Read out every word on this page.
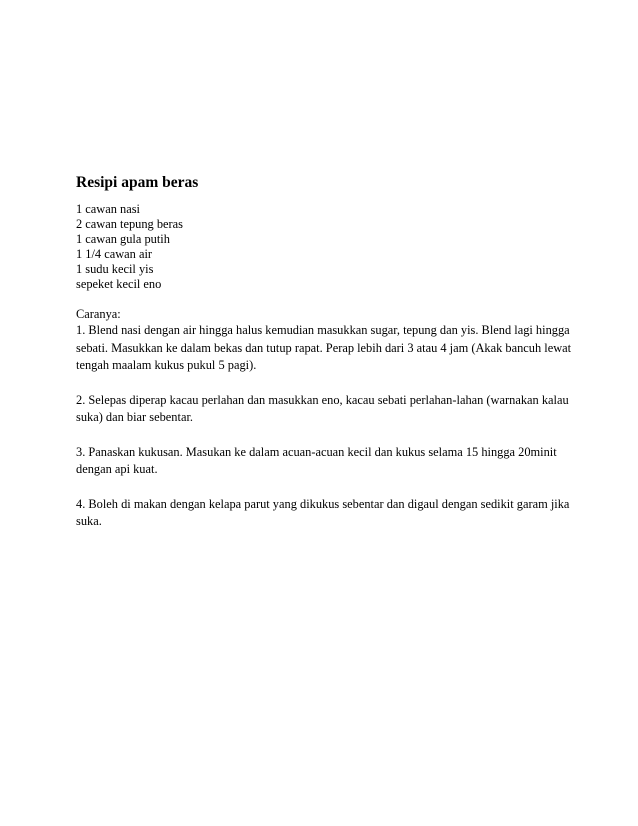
Resipi apam beras
1 cawan nasi
2 cawan tepung beras
1 cawan gula putih
1 1/4 cawan air
1 sudu kecil yis
sepeket kecil eno

Caranya:

1. Blend nasi dengan air hingga halus kemudian masukkan sugar, tepung dan yis. Blend lagi hingga sebati. Masukkan ke dalam bekas dan tutup rapat. Perap lebih dari 3 atau 4 jam (Akak bancuh lewat tengah maalam kukus pukul 5 pagi).

2. Selepas diperap kacau perlahan dan masukkan eno, kacau sebati perlahan-lahan (warnakan kalau suka) dan biar sebentar.

3. Panaskan kukusan. Masukan ke dalam acuan-acuan kecil dan kukus selama 15 hingga 20minit dengan api kuat.

4. Boleh di makan dengan kelapa parut yang dikukus sebentar dan digaul dengan sedikit garam jika suka.
